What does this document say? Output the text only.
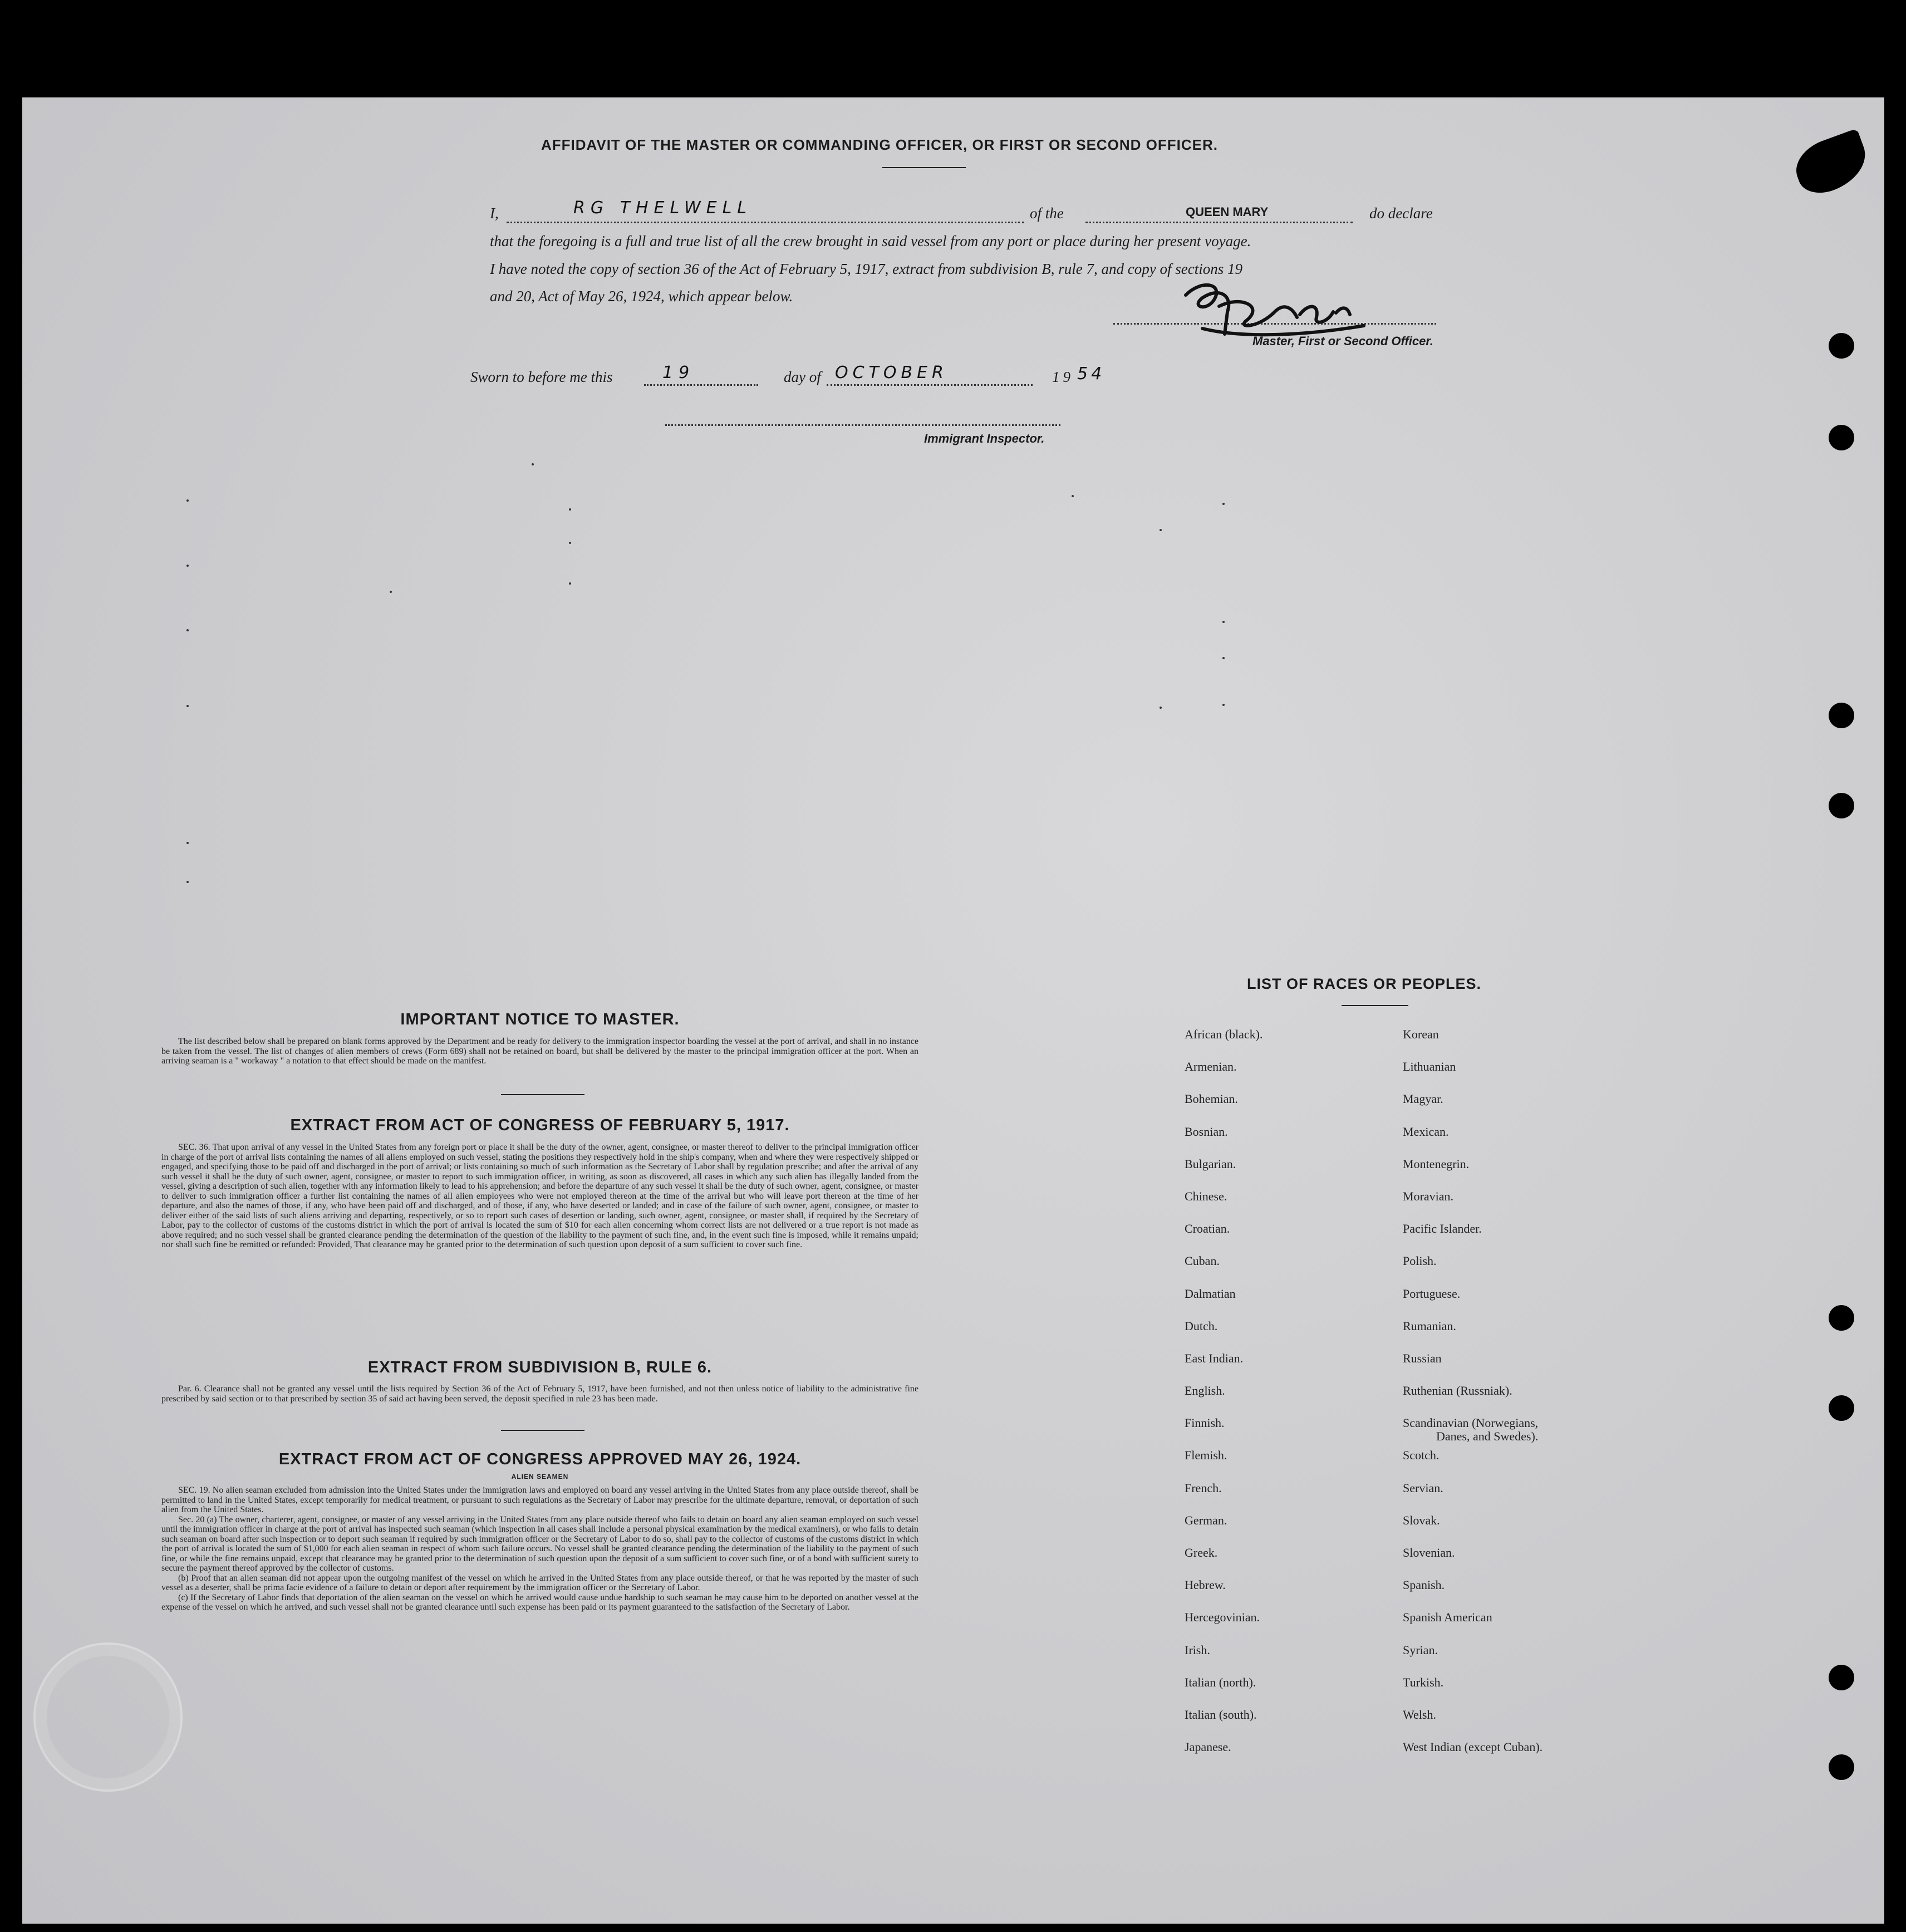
AFFIDAVIT OF THE MASTER OR COMMANDING OFFICER, OR FIRST OR SECOND OFFICER.
I,	RG THELWELL	of the	QUEEN MARY	do declare
that the foregoing is a full and true list of all the crew brought in said vessel from any port or place during her present voyage.
I have noted the copy of section 36 of the Act of February 5, 1917, extract from subdivision B, rule 7, and copy of sections 19
and 20, Act of May 26, 1924, which appear below.
Master, First or Second Officer.
Sworn to before me this	19	day of OCTOBER	19 54
Immigrant Inspector.
IMPORTANT NOTICE TO MASTER.

The list described below shall be prepared on blank forms approved by the Department and be ready for delivery to the immigration inspector boarding the vessel at the port of arrival, and shall in no instance be taken from the vessel. The list of changes of alien members of crews (Form 689) shall not be retained on board, but shall be delivered by the master to the principal immigration officer at the port. When an arriving seaman is a " workaway " a notation to that effect should be made on the manifest.

EXTRACT FROM ACT OF CONGRESS OF FEBRUARY 5, 1917.

SEC. 36. That upon arrival of any vessel in the United States from any foreign port or place it shall be the duty of the owner, agent, consignee, or master thereof to deliver to the principal immigration officer in charge of the port of arrival lists containing the names of all aliens employed on such vessel, stating the positions they respectively hold in the ship's company, when and where they were respectively shipped or engaged, and specifying those to be paid off and discharged in the port of arrival; or lists containing so much of such information as the Secretary of Labor shall by regulation prescribe; and after the arrival of any such vessel it shall be the duty of such owner, agent, consignee, or master to report to such immigration officer, in writing, as soon as discovered, all cases in which any such alien has illegally landed from the vessel, giving a description of such alien, together with any information likely to lead to his apprehension; and before the departure of any such vessel it shall be the duty of such owner, agent, consignee, or master to deliver to such immigration officer a further list containing the names of all alien employees who were not employed thereon at the time of the arrival but who will leave port thereon at the time of her departure, and also the names of those, if any, who have been paid off and discharged, and of those, if any, who have deserted or landed; and in case of the failure of such owner, agent, consignee, or master to deliver either of the said lists of such aliens arriving and departing, respectively, or so to report such cases of desertion or landing, such owner, agent, consignee, or master shall, if required by the Secretary of Labor, pay to the collector of customs of the customs district in which the port of arrival is located the sum of $10 for each alien concerning whom correct lists are not delivered or a true report is not made as above required; and no such vessel shall be granted clearance pending the determination of the question of the liability to the payment of such fine, and, in the event such fine is imposed, while it remains unpaid; nor shall such fine be remitted or refunded: Provided, That clearance may be granted prior to the determination of such question upon deposit of a sum sufficient to cover such fine.

EXTRACT FROM SUBDIVISION B, RULE 6.

Par. 6. Clearance shall not be granted any vessel until the lists required by Section 36 of the Act of February 5, 1917, have been furnished, and not then unless notice of liability to the administrative fine prescribed by said section or to that prescribed by section 35 of said act having been served, the deposit specified in rule 23 has been made.

EXTRACT FROM ACT OF CONGRESS APPROVED MAY 26, 1924.
ALIEN SEAMEN

SEC. 19. No alien seaman excluded from admission into the United States under the immigration laws and employed on board any vessel arriving in the United States from any place outside thereof, shall be permitted to land in the United States, except temporarily for medical treatment, or pursuant to such regulations as the Secretary of Labor may prescribe for the ultimate departure, removal, or deportation of such alien from the United States.

Sec. 20 (a) The owner, charterer, agent, consignee, or master of any vessel arriving in the United States from any place outside thereof who fails to detain on board any alien seaman employed on such vessel until the immigration officer in charge at the port of arrival has inspected such seaman (which inspection in all cases shall include a personal physical examination by the medical examiners), or who fails to detain such seaman on board after such inspection or to deport such seaman if required by such immigration officer or the Secretary of Labor to do so, shall pay to the collector of customs of the customs district in which the port of arrival is located the sum of $1,000 for each alien seaman in respect of whom such failure occurs. No vessel shall be granted clearance pending the determination of the liability to the payment of such fine, or while the fine remains unpaid, except that clearance may be granted prior to the determination of such question upon the deposit of a sum sufficient to cover such fine, or of a bond with sufficient surety to secure the payment thereof approved by the collector of customs.

(b) Proof that an alien seaman did not appear upon the outgoing manifest of the vessel on which he arrived in the United States from any place outside thereof, or that he was reported by the master of such vessel as a deserter, shall be prima facie evidence of a failure to detain or deport after requirement by the immigration officer or the Secretary of Labor.

(c) If the Secretary of Labor finds that deportation of the alien seaman on the vessel on which he arrived would cause undue hardship to such seaman he may cause him to be deported on another vessel at the expense of the vessel on which he arrived, and such vessel shall not be granted clearance until such expense has been paid or its payment guaranteed to the satisfaction of the Secretary of Labor.

LIST OF RACES OR PEOPLES.
African (black).
Armenian.
Bohemian.
Bosnian.
Bulgarian.
Chinese.
Croatian.
Cuban.
Dalmatian
Dutch.
East Indian.
English.
Finnish.
Flemish.
French.
German.
Greek.
Hebrew.
Hercegovinian.
Irish.
Italian (north).
Italian (south).
Japanese.
Korean
Lithuanian
Magyar.
Mexican.
Montenegrin.
Moravian.
Pacific Islander.
Polish.
Portuguese.
Rumanian.
Russian
Ruthenian (Russniak).
Scandinavian (Norwegians,
Danes, and Swedes).
Scotch.
Servian.
Slovak.
Slovenian.
Spanish.
Spanish American
Syrian.
Turkish.
Welsh.
West Indian (except Cuban).
